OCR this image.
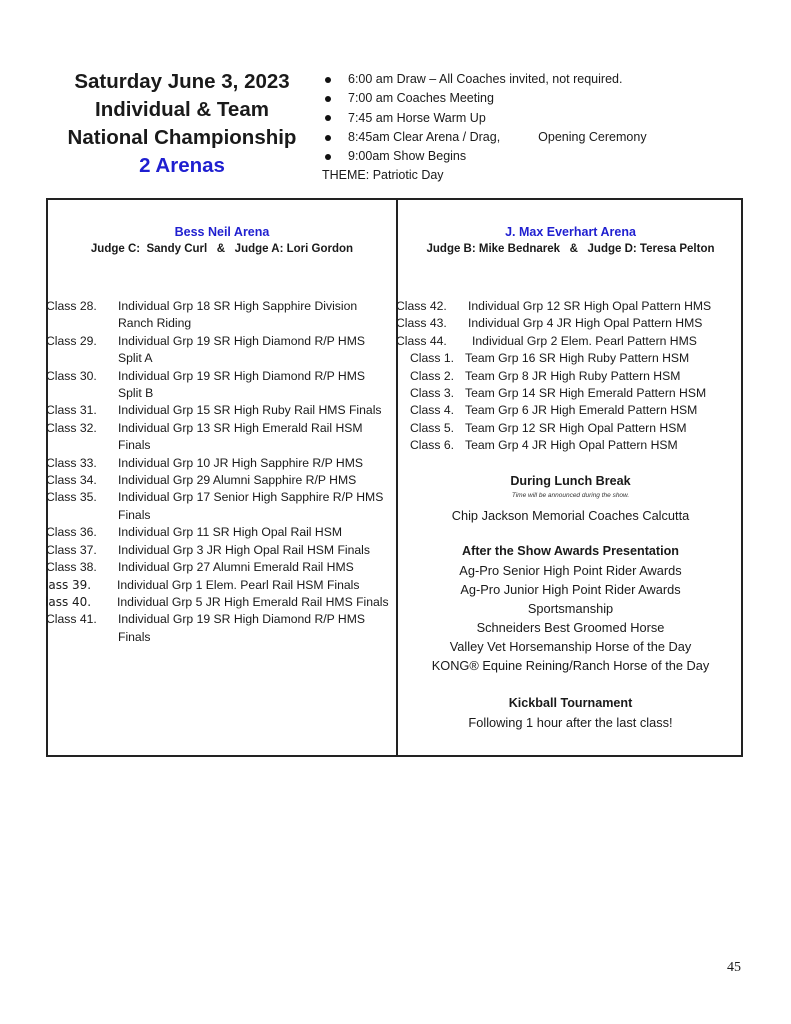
Saturday June 3, 2023
Individual & Team
National Championship
2 Arenas
6:00 am Draw – All Coaches invited, not required.
7:00 am Coaches Meeting
7:45 am Horse Warm Up
8:45am Clear Arena / Drag,	Opening Ceremony
9:00am Show Begins
THEME: Patriotic Day
Bess Neil Arena
Judge C:  Sandy Curl   &   Judge A: Lori Gordon
Class 28.	Individual Grp 18 SR High Sapphire Division Ranch Riding
Class 29.	Individual Grp 19 SR High Diamond R/P HMS Split A
Class 30.	Individual Grp 19 SR High Diamond R/P HMS Split B
Class 31.	Individual Grp 15 SR High Ruby Rail HMS Finals
Class 32.	Individual Grp 13 SR High Emerald Rail HSM Finals
Class 33.	Individual Grp 10 JR High Sapphire R/P HMS
Class 34.	Individual Grp 29 Alumni Sapphire R/P HMS
Class 35.	Individual Grp 17 Senior High Sapphire R/P HMS Finals
Class 36.	Individual Grp 11 SR High Opal Rail HSM
Class 37.	Individual Grp 3 JR High Opal Rail HSM Finals
Class 38.	Individual Grp 27 Alumni Emerald Rail HMS
lass 39.	Individual Grp 1 Elem. Pearl Rail HSM Finals
lass 40.	Individual Grp 5 JR High Emerald Rail HMS Finals
Class 41.	Individual Grp 19 SR High Diamond R/P HMS Finals
J. Max Everhart Arena
Judge B: Mike Bednarek   &   Judge D: Teresa Pelton
Class 42.	Individual Grp 12 SR High Opal Pattern HMS
Class 43.	Individual Grp 4 JR High Opal Pattern HMS
Class 44.	Individual Grp 2 Elem. Pearl Pattern HMS
Class 1. Team Grp 16 SR High Ruby Pattern HSM
Class 2. Team Grp 8 JR High Ruby Pattern HSM
Class 3. Team Grp 14 SR High Emerald Pattern HSM
Class 4. Team Grp 6 JR High Emerald Pattern HSM
Class 5. Team Grp 12 SR High Opal Pattern HSM
Class 6. Team Grp 4 JR High Opal Pattern HSM
During Lunch Break
Time will be announced during the show.
Chip Jackson Memorial Coaches Calcutta
After the Show Awards Presentation
Ag-Pro Senior High Point Rider Awards
Ag-Pro Junior High Point Rider Awards
Sportsmanship
Schneiders Best Groomed Horse
Valley Vet Horsemanship Horse of the Day
KONG® Equine Reining/Ranch Horse of the Day
Kickball Tournament
Following 1 hour after the last class!
45
